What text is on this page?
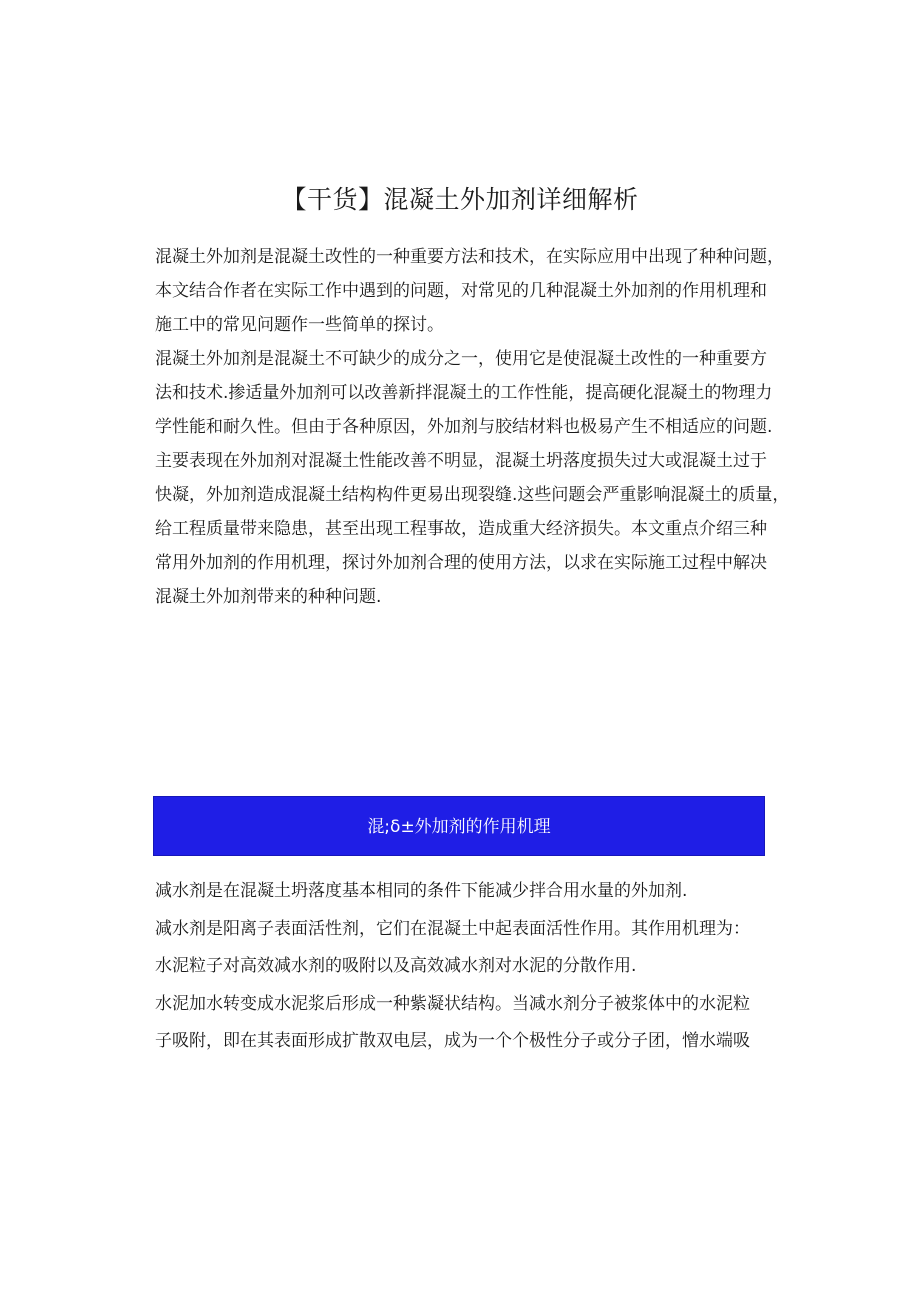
【干货】混凝土外加剂详细解析
混凝土外加剂是混凝土改性的一种重要方法和技术，在实际应用中出现了种种问题，
本文结合作者在实际工作中遇到的问题，对常见的几种混凝土外加剂的作用机理和
施工中的常见问题作一些简单的探讨。
混凝土外加剂是混凝土不可缺少的成分之一，使用它是使混凝土改性的一种重要方
法和技术.掺适量外加剂可以改善新拌混凝土的工作性能，提高硬化混凝土的物理力
学性能和耐久性。但由于各种原因，外加剂与胶结材料也极易产生不相适应的问题.
主要表现在外加剂对混凝土性能改善不明显，混凝土坍落度损失过大或混凝土过于
快凝，外加剂造成混凝土结构构件更易出现裂缝.这些问题会严重影响混凝土的质量，
给工程质量带来隐患，甚至出现工程事故，造成重大经济损失。本文重点介绍三种
常用外加剂的作用机理，探讨外加剂合理的使用方法，以求在实际施工过程中解决
混凝土外加剂带来的种种问题.
混;δ±外加剂的作用机理
减水剂是在混凝土坍落度基本相同的条件下能减少拌合用水量的外加剂.
减水剂是阳离子表面活性剂，它们在混凝土中起表面活性作用。其作用机理为：
水泥粒子对高效减水剂的吸附以及高效减水剂对水泥的分散作用.
水泥加水转变成水泥浆后形成一种紫凝状结构。当减水剂分子被浆体中的水泥粒
子吸附，即在其表面形成扩散双电层，成为一个个极性分子或分子团，憎水端吸
